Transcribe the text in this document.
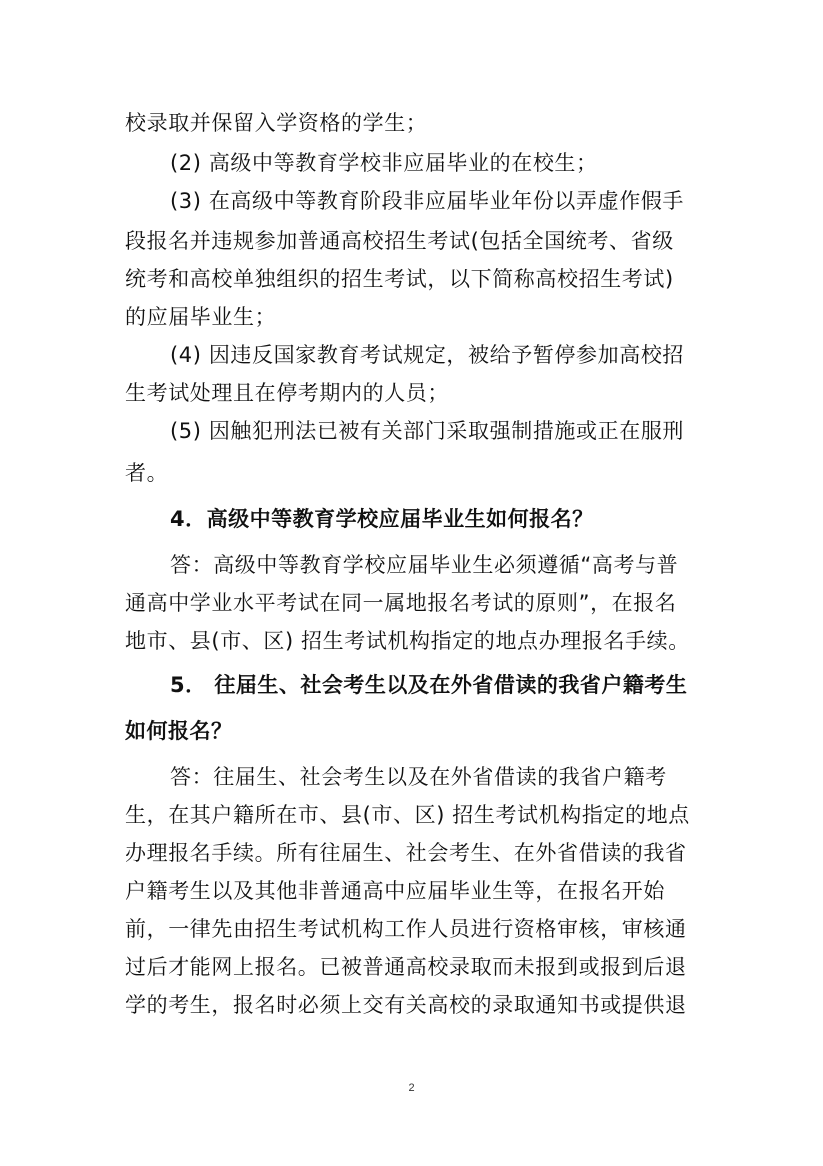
校录取并保留入学资格的学生；
(2) 高级中等教育学校非应届毕业的在校生；
(3) 在高级中等教育阶段非应届毕业年份以弄虚作假手
段报名并违规参加普通高校招生考试(包括全国统考、省级
统考和高校单独组织的招生考试，以下简称高校招生考试)
的应届毕业生；
(4) 因违反国家教育考试规定，被给予暂停参加高校招
生考试处理且在停考期内的人员；
(5) 因触犯刑法已被有关部门采取强制措施或正在服刑
者。
4．高级中等教育学校应届毕业生如何报名？
答：高级中等教育学校应届毕业生必须遵循“高考与普
通高中学业水平考试在同一属地报名考试的原则”，在报名
地市、县(市、区) 招生考试机构指定的地点办理报名手续。
5． 往届生、社会考生以及在外省借读的我省户籍考生
如何报名？
答：往届生、社会考生以及在外省借读的我省户籍考
生，在其户籍所在市、县(市、区) 招生考试机构指定的地点
办理报名手续。所有往届生、社会考生、在外省借读的我省
户籍考生以及其他非普通高中应届毕业生等，在报名开始
前，一律先由招生考试机构工作人员进行资格审核，审核通
过后才能网上报名。已被普通高校录取而未报到或报到后退
学的考生，报名时必须上交有关高校的录取通知书或提供退
2
